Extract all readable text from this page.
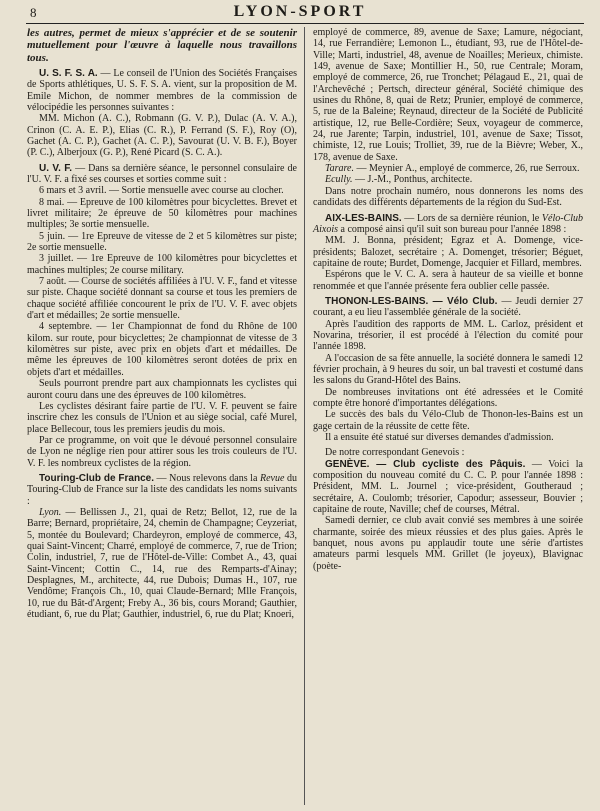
8	LYON-SPORT

les autres, permet de mieux s'apprécier et de se soutenir mutuellement pour l'œuvre à laquelle nous travaillons tous.

U. S. F. S. A. — Le conseil de l'Union des Sociétés Françaises de Sports athlétiques, U. S. F. S. A. vient, sur la proposition de M. Emile Michon, de nommer membres de la commission de vélocipédie les personnes suivantes :

MM. Michon (A. C.), Robmann (G. V. P.), Dulac (A. V. A.), Crinon (C. A. E. P.), Elias (C. R.), P. Ferrand (S. F.), Roy (O), Gachet (A. C. P.), Gachet (A. C. P.), Savourat (U. V. B. F.), Boyer (P. C.), Alberjoux (G. P.), René Picard (S. C. A.).

U. V. F. — Dans sa dernière séance, le personnel consulaire de l'U. V. F. a fixé ses courses et sorties comme suit :

6 mars et 3 avril. — Sortie mensuelle avec course au clocher.

8 mai. — Epreuve de 100 kilomètres pour bicyclettes. Brevet et livret militaire; 2e épreuve de 50 kilomètres pour machines multiples; 3e sortie mensuelle.

5 juin. — 1re Epreuve de vitesse de 2 et 5 kilomètres sur piste; 2e sortie mensuelle.

3 juillet. — 1re Epreuve de 100 kilomètres pour bicyclettes et machines multiples; 2e course military.

7 août. — Course de sociétés affiliées à l'U. V. F., fand et vitesse sur piste. Chaque société donnant sa course et tous les premiers de chaque société affiliée concourent le prix de l'U. V. F. avec objets d'art et médailles; 2e sortie mensuelle.

4 septembre. — 1er Championnat de fond du Rhône de 100 kilom. sur route, pour bicyclettes; 2e championnat de vitesse de 3 kilomètres sur piste, avec prix en objets d'art et médailles. De même les épreuves de 100 kilomètres seront dotées de prix en objets d'art et médailles.

Seuls pourront prendre part aux championnats les cyclistes qui auront couru dans une des épreuves de 100 kilomètres.

Les cyclistes désirant faire partie de l'U. V. F. peuvent se faire inscrire chez les consuls de l'Union et au siège social, café Murel, place Bellecour, tous les premiers jeudis du mois.

Par ce programme, on voit que le dévoué personnel consulaire de Lyon ne néglige rien pour attirer sous les trois couleurs de l'U. V. F. les nombreux cyclistes de la région.

Touring-Club de France. — Nous relevons dans la Revue du Touring-Club de France sur la liste des candidats les noms suivants :

Lyon. — Bellissen J., 21, quai de Retz; Bellot, 12, rue de la Barre; Bernard, propriétaire, 24, chemin de Champagne; Ceyzeriat, 5, montée du Boulevard; Chardeyron, employé de commerce, 43, quai Saint-Vincent; Charré, employé de commerce, 7, rue de Trion; Colin, industriel, 7, rue de l'Hôtel-de-Ville: Combet A., 43, quai Saint-Vincent; Cottin C., 14, rue des Remparts-d'Ainay; Desplagnes, M., architecte, 44, rue Dubois; Dumas H., 107, rue Vendôme; François Ch., 10, quai Claude-Bernard; Mlle François, 10, rue du Bât-d'Argent; Freby A., 36 bis, cours Morand; Gauthier, étudiant, 6, rue du Plat; Gauthier, industriel, 6, rue du Plat; Knoeri,

employé de commerce, 89, avenue de Saxe; Lamure, négociant, 14, rue Ferrandière; Lemonon L., étudiant, 93, rue de l'Hôtel-de-Ville; Marti, industriel, 48, avenue de Noailles; Merieux, chimiste. 149, avenue de Saxe; Montillier H., 50, rue Centrale; Moram, employé de commerce, 26, rue Tronchet; Pélagaud E., 21, quai de l'Archevêché ; Pertsch, directeur général, Société chimique des usines du Rhône, 8, quai de Retz; Prunier, employé de commerce, 5, rue de la Baleine; Reynaud, directeur de la Société de Publicité artistique, 12, rue Belle-Cordière; Seux, voyageur de commerce, 24, rue Jarente; Tarpin, industriel, 101, avenue de Saxe; Tissot, chimiste, 12, rue Louis; Trolliet, 39, rue de la Bièvre; Weber, X., 178, avenue de Saxe.

Tarare. — Meynier A., employé de commerce, 26, rue Serroux.

Ecully. — J.-M., Ponthus, architecte.

Dans notre prochain numéro, nous donnerons les noms des candidats des différents départements de la région du Sud-Est.

AIX-LES-BAINS. — Lors de sa dernière réunion, le Vélo-Club Aixois a composé ainsi qu'il suit son bureau pour l'année 1898 :

MM. J. Bonna, président; Egraz et A. Domenge, vice-présidents; Balozet, secrétaire ; A. Domenget, trésorier; Béguet, capitaine de route; Burdet, Domenge, Jacquier et Fillard, membres.

Espérons que le V. C. A. sera à hauteur de sa vieille et bonne renommée et que l'année présente fera oublier celle passée.

THONON-LES-BAINS. — Vélo Club. — Jeudi dernier 27 courant, a eu lieu l'assemblée générale de la société.

Après l'audition des rapports de MM. L. Carloz, président et Novarina, trésorier, il est procédé à l'élection du comité pour l'année 1898.

A l'occasion de sa fête annuelle, la société donnera le samedi 12 février prochain, à 9 heures du soir, un bal travesti et costumé dans les salons du Grand-Hôtel des Bains.

De nombreuses invitations ont été adressées et le Comité compte être honoré d'importantes délégations.

Le succès des bals du Vélo-Club de Thonon-les-Bains est un gage certain de la réussite de cette fête.

Il a ensuite été statué sur diverses demandes d'admission.

De notre correspondant Genevois :

GENÈVE. — Club cycliste des Pâquis. — Voici la composition du nouveau comité du C. C. P. pour l'année 1898 : Président, MM. L. Journel ; vice-président, Goutheraud ; secrétaire, A. Coulomb; trésorier, Capodur; assesseur, Bouvier ; capitaine de route, Naville; chef de courses, Métral.

Samedi dernier, ce club avait convié ses membres à une soirée charmante, soirée des mieux réussies et des plus gaies. Après le banquet, nous avons pu applaudir toute une série d'artistes amateurs parmi lesquels MM. Grillet (le joyeux), Blavignac (poète-
